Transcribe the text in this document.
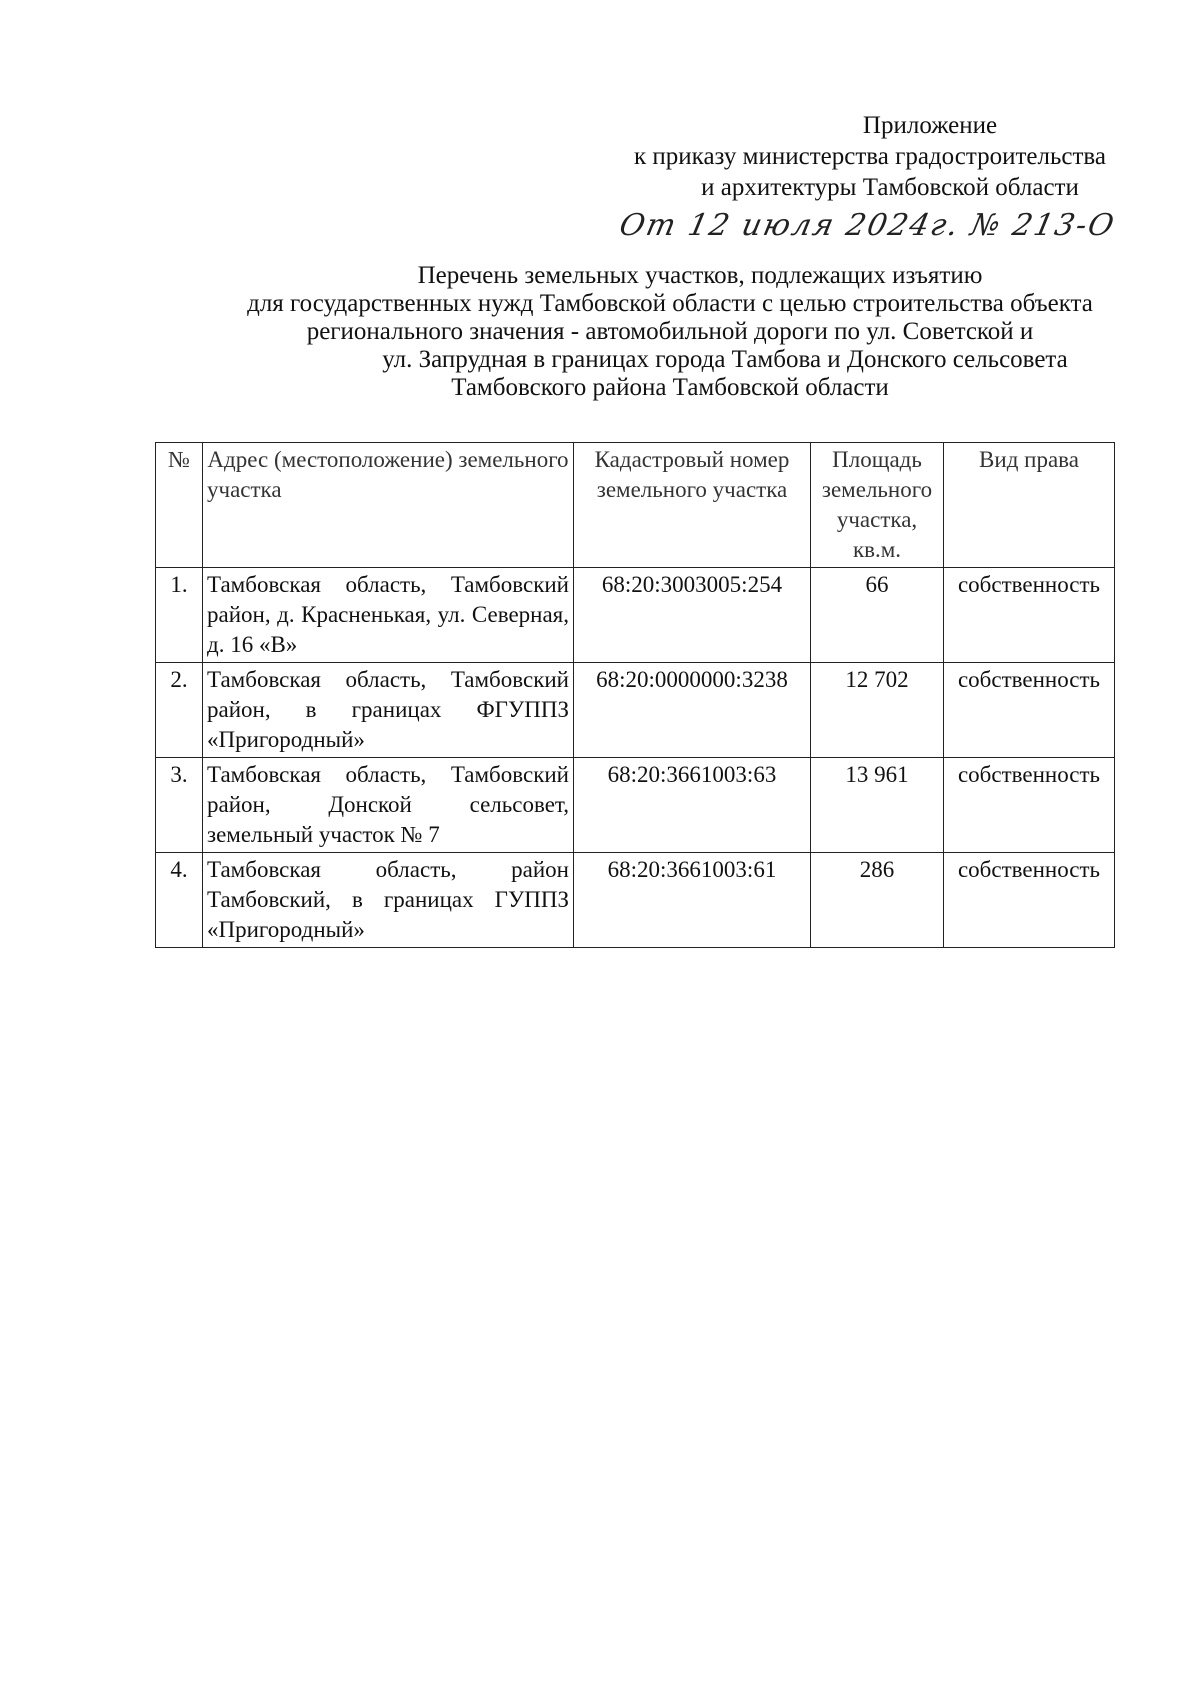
Приложение
к приказу министерства градостроительства
и архитектуры Тамбовской области
От 12 июля 2024г. № 213-О
Перечень земельных участков, подлежащих изъятию
для государственных нужд Тамбовской области с целью строительства объекта
регионального значения - автомобильной дороги по ул. Советской и
ул. Запрудная в границах города Тамбова и Донского сельсовета
Тамбовского района Тамбовской области
№	Адрес (местоположение) земельного участка	Кадастровый номер земельного участка	Площадь земельного участка, кв.м.	Вид права
1.	Тамбовская область, Тамбовский район, д. Красненькая, ул. Северная, д. 16 «В»	68:20:3003005:254	66	собственность
2.	Тамбовская область, Тамбовский район, в границах ФГУППЗ «Пригородный»	68:20:0000000:3238	12 702	собственность
3.	Тамбовская область, Тамбовский район, Донской сельсовет, земельный участок № 7	68:20:3661003:63	13 961	собственность
4.	Тамбовская область, район Тамбовский, в границах ГУППЗ «Пригородный»	68:20:3661003:61	286	собственность
